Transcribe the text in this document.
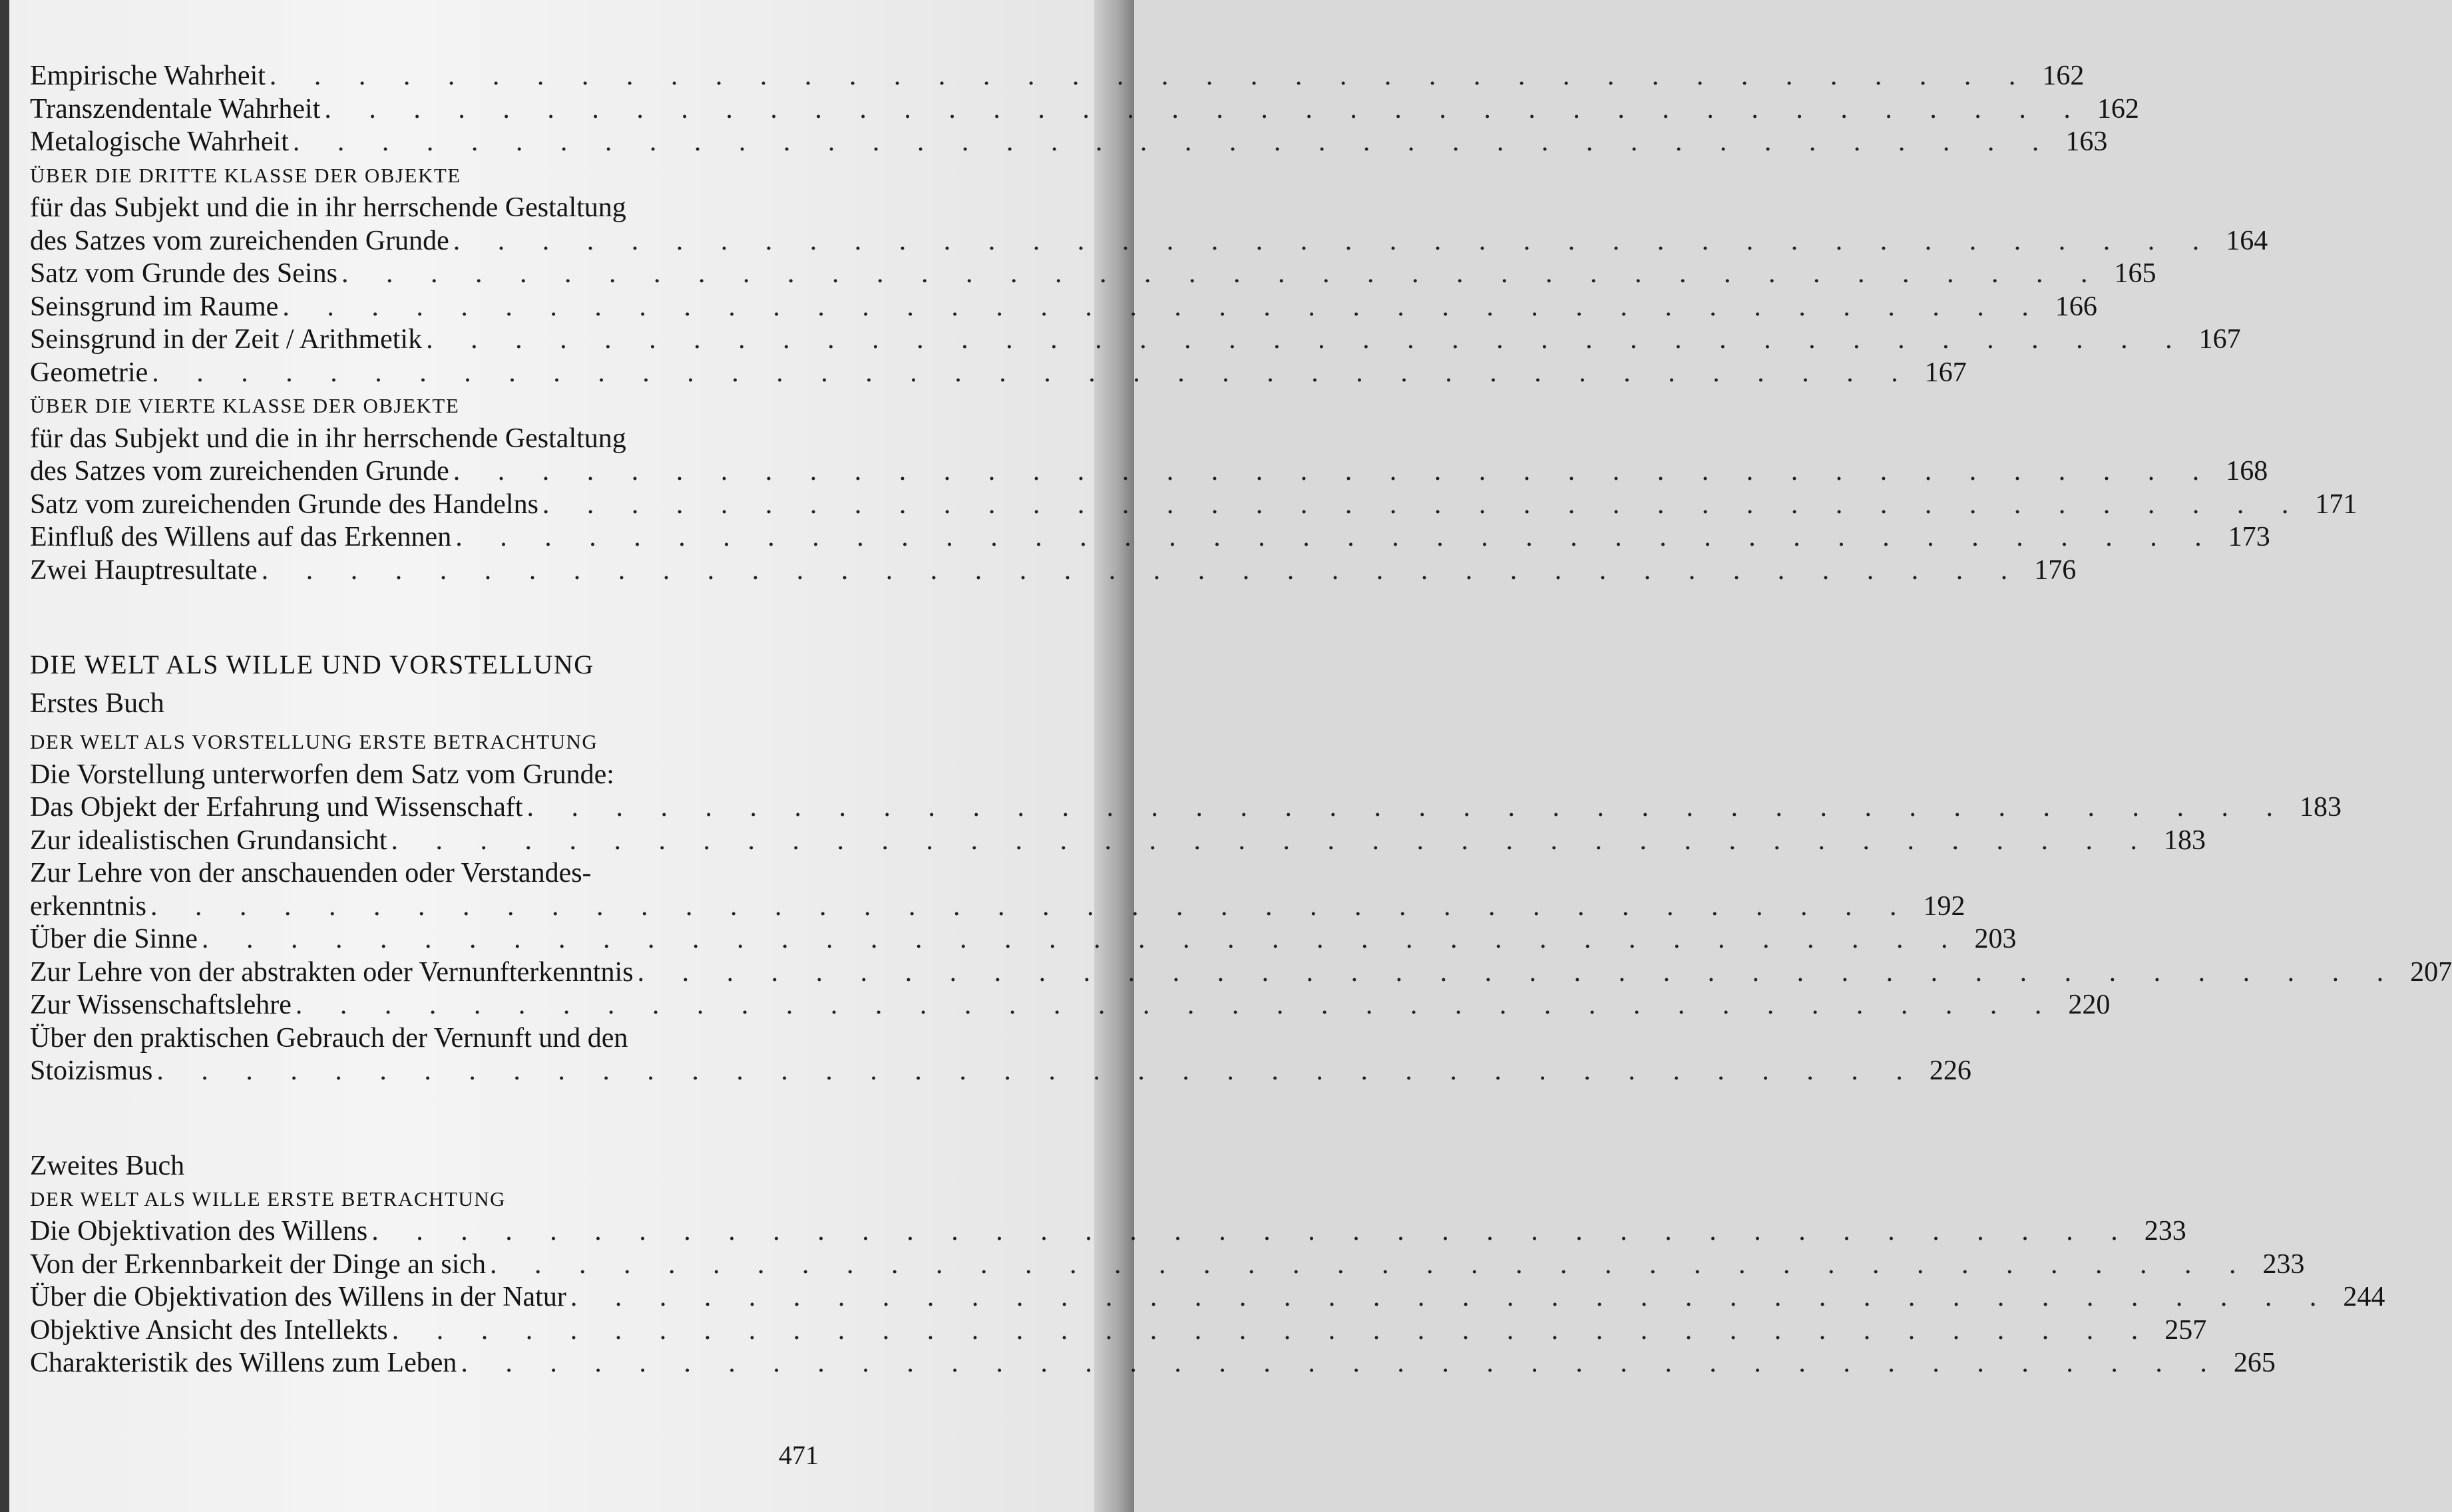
Empirische Wahrheit . . . . . . . . . . . . . . . . . . . . . . . . . . . . . . . . . . . . . . . . 162
Transzendentale Wahrheit . . . . . . . . . . . . . . . . . . . . . . . . . . . . . . . . . . . . . . . . 162
Metalogische Wahrheit . . . . . . . . . . . . . . . . . . . . . . . . . . . . . . . . . . . . . . . . 163
ÜBER DIE DRITTE KLASSE DER OBJEKTE
für das Subjekt und die in ihr herrschende Gestaltung
des Satzes vom zureichenden Grunde . . . . . . . . . . . . . . . . . . . . . . . . . . . . . . . . . . . . . . . . 164
Satz vom Grunde des Seins . . . . . . . . . . . . . . . . . . . . . . . . . . . . . . . . . . . . . . . . 165
Seinsgrund im Raume . . . . . . . . . . . . . . . . . . . . . . . . . . . . . . . . . . . . . . . . 166
Seinsgrund in der Zeit / Arithmetik . . . . . . . . . . . . . . . . . . . . . . . . . . . . . . . . . . . . . . . . 167
Geometrie . . . . . . . . . . . . . . . . . . . . . . . . . . . . . . . . . . . . . . . . 167
ÜBER DIE VIERTE KLASSE DER OBJEKTE
für das Subjekt und die in ihr herrschende Gestaltung
des Satzes vom zureichenden Grunde . . . . . . . . . . . . . . . . . . . . . . . . . . . . . . . . . . . . . . . . 168
Satz vom zureichenden Grunde des Handelns . . . . . . . . . . . . . . . . . . . . . . . . . . . . . . . . . . . . . . . . 171
Einfluß des Willens auf das Erkennen . . . . . . . . . . . . . . . . . . . . . . . . . . . . . . . . . . . . . . . . 173
Zwei Hauptresultate . . . . . . . . . . . . . . . . . . . . . . . . . . . . . . . . . . . . . . . . 176
DIE WELT ALS WILLE UND VORSTELLUNG
Erstes Buch
DER WELT ALS VORSTELLUNG ERSTE BETRACHTUNG
Die Vorstellung unterworfen dem Satz vom Grunde:
Das Objekt der Erfahrung und Wissenschaft . . . . . . . . . . . . . . . . . . . . . . . . . . . . . . . . . . . . . . . . 183
Zur idealistischen Grundansicht . . . . . . . . . . . . . . . . . . . . . . . . . . . . . . . . . . . . . . . . 183
Zur Lehre von der anschauenden oder Verstandes-
erkenntnis . . . . . . . . . . . . . . . . . . . . . . . . . . . . . . . . . . . . . . . . 192
Über die Sinne . . . . . . . . . . . . . . . . . . . . . . . . . . . . . . . . . . . . . . . . 203
Zur Lehre von der abstrakten oder Vernunfterkenntnis . . . . . . . . . . . . . . . . . . . . . . . . . . . . . . . . . . . . . . . . 207
Zur Wissenschaftslehre . . . . . . . . . . . . . . . . . . . . . . . . . . . . . . . . . . . . . . . . 220
Über den praktischen Gebrauch der Vernunft und den
Stoizismus . . . . . . . . . . . . . . . . . . . . . . . . . . . . . . . . . . . . . . . . 226
Zweites Buch
DER WELT ALS WILLE ERSTE BETRACHTUNG
Die Objektivation des Willens . . . . . . . . . . . . . . . . . . . . . . . . . . . . . . . . . . . . . . . . 233
Von der Erkennbarkeit der Dinge an sich . . . . . . . . . . . . . . . . . . . . . . . . . . . . . . . . . . . . . . . . 233
Über die Objektivation des Willens in der Natur . . . . . . . . . . . . . . . . . . . . . . . . . . . . . . . . . . . . . . . . 244
Objektive Ansicht des Intellekts . . . . . . . . . . . . . . . . . . . . . . . . . . . . . . . . . . . . . . . . 257
Charakteristik des Willens zum Leben . . . . . . . . . . . . . . . . . . . . . . . . . . . . . . . . . . . . . . . . 265
471
